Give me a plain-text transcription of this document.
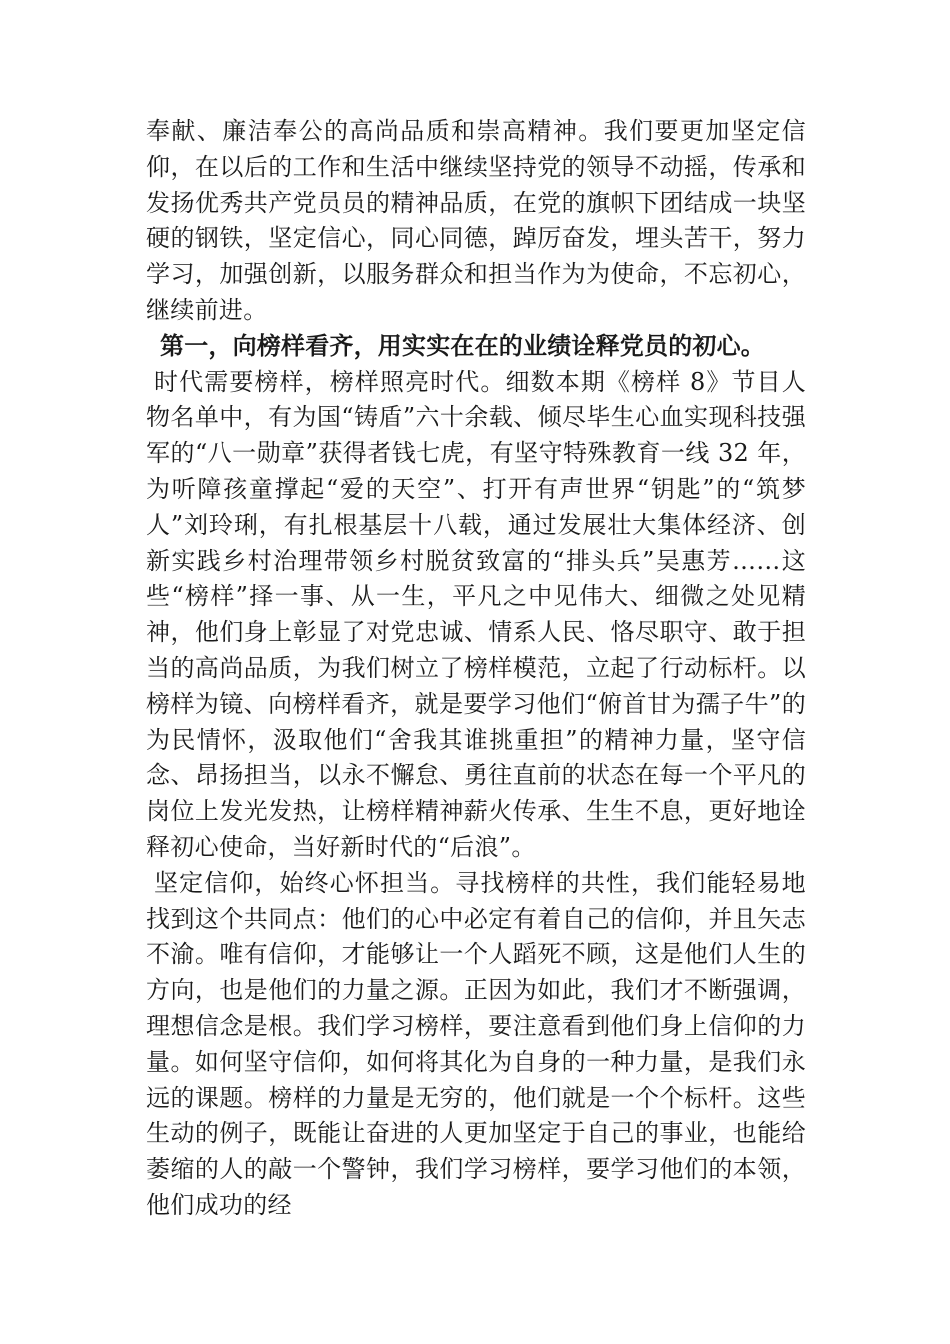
奉献、廉洁奉公的高尚品质和崇高精神。我们要更加坚定信仰，在以后的工作和生活中继续坚持党的领导不动摇，传承和发扬优秀共产党员员的精神品质，在党的旗帜下团结成一块坚硬的钢铁，坚定信心，同心同德，踔厉奋发，埋头苦干，努力学习，加强创新，以服务群众和担当作为为使命，不忘初心，继续前进。

第一，向榜样看齐，用实实在在的业绩诠释党员的初心。

时代需要榜样，榜样照亮时代。细数本期《榜样 8》节目人物名单中，有为国“铸盾”六十余载、倾尽毕生心血实现科技强军的“八一勋章”获得者钱七虎，有坚守特殊教育一线 32 年，为听障孩童撑起“爱的天空”、打开有声世界“钥匙”的“筑梦人”刘玲琍，有扎根基层十八载，通过发展壮大集体经济、创新实践乡村治理带领乡村脱贫致富的“排头兵”吴惠芳……这些“榜样”择一事、从一生，平凡之中见伟大、细微之处见精神，他们身上彰显了对党忠诚、情系人民、恪尽职守、敢于担当的高尚品质，为我们树立了榜样模范，立起了行动标杆。以榜样为镜、向榜样看齐，就是要学习他们“俯首甘为孺子牛”的为民情怀，汲取他们“舍我其谁挑重担”的精神力量，坚守信念、昂扬担当，以永不懈怠、勇往直前的状态在每一个平凡的岗位上发光发热，让榜样精神薪火传承、生生不息，更好地诠释初心使命，当好新时代的“后浪”。

坚定信仰，始终心怀担当。寻找榜样的共性，我们能轻易地找到这个共同点：他们的心中必定有着自己的信仰，并且矢志不渝。唯有信仰，才能够让一个人蹈死不顾，这是他们人生的方向，也是他们的力量之源。正因为如此，我们才不断强调，理想信念是根。我们学习榜样，要注意看到他们身上信仰的力量。如何坚守信仰，如何将其化为自身的一种力量，是我们永远的课题。榜样的力量是无穷的，他们就是一个个标杆。这些生动的例子，既能让奋进的人更加坚定于自己的事业，也能给萎缩的人的敲一个警钟，我们学习榜样，要学习他们的本领，他们成功的经
